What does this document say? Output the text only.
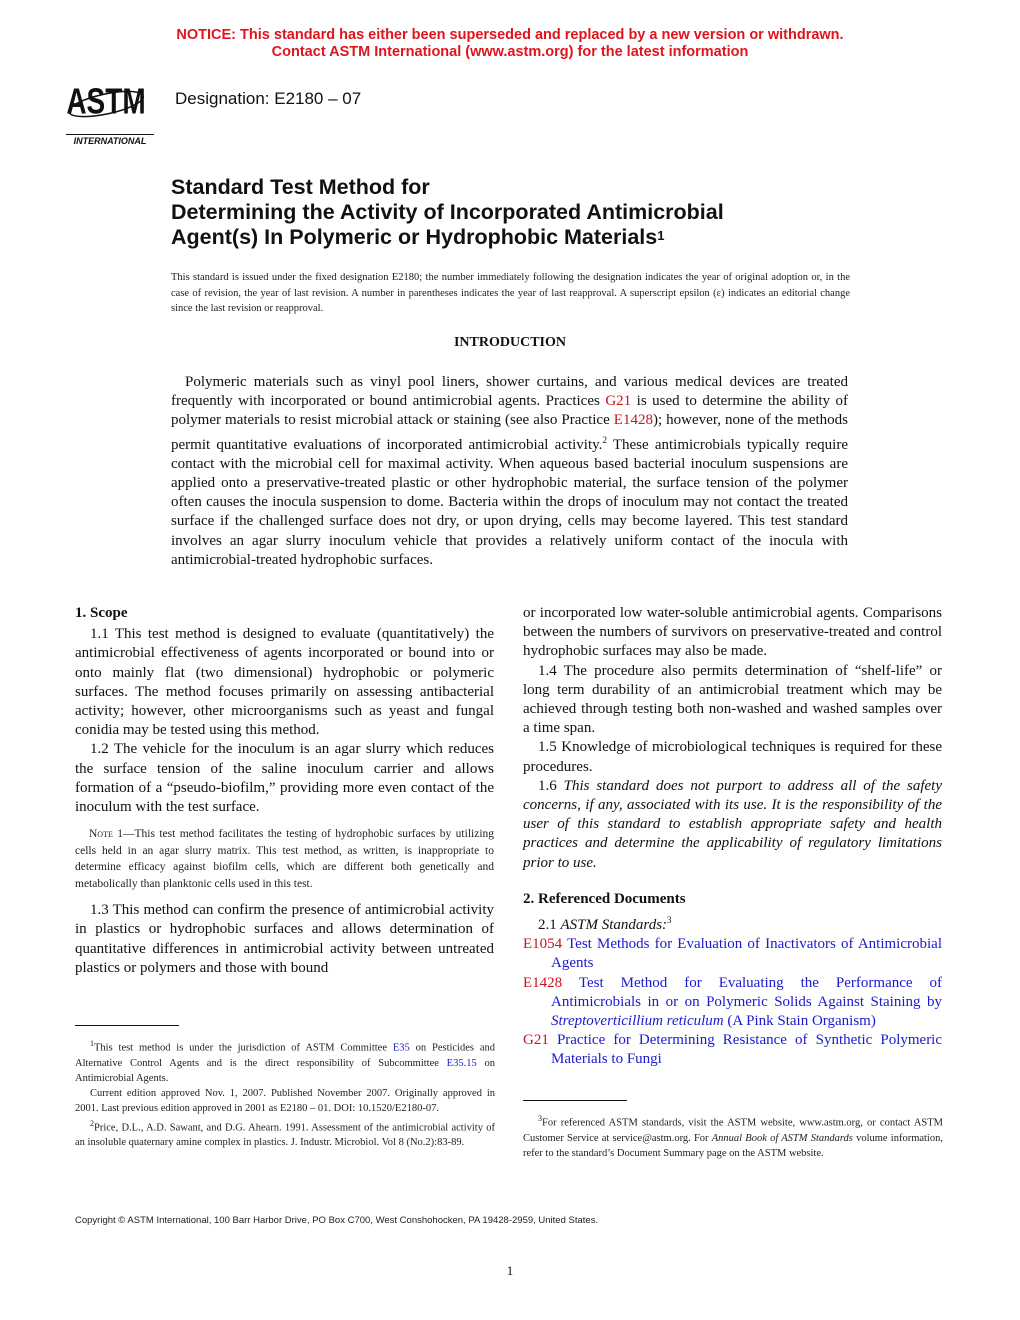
NOTICE: This standard has either been superseded and replaced by a new version or withdrawn.
Contact ASTM International (www.astm.org) for the latest information
ASTM
INTERNATIONAL
Designation: E2180 – 07

Standard Test Method for

Determining the Activity of Incorporated Antimicrobial

Agent(s) In Polymeric or Hydrophobic Materials$^1$

This standard is issued under the fixed designation E2180; the number immediately following the designation indicates the year of original adoption or, in the case of revision, the year of last revision. A number in parentheses indicates the year of last reapproval. A superscript epsilon (ε) indicates an editorial change since the last revision or reapproval.
INTRODUCTION
Polymeric materials such as vinyl pool liners, shower curtains, and various medical devices are treated frequently with incorporated or bound antimicrobial agents. Practices G21 is used to determine the ability of polymer materials to resist microbial attack or staining (see also Practice E1428); however, none of the methods permit quantitative evaluations of incorporated antimicrobial activity.$^2$ These antimicrobials typically require contact with the microbial cell for maximal activity. When aqueous based bacterial inoculum suspensions are applied onto a preservative-treated plastic or other hydrophobic material, the surface tension of the polymer often causes the inocula suspension to dome. Bacteria within the drops of inoculum may not contact the treated surface if the challenged surface does not dry, or upon drying, cells may become layered. This test standard involves an agar slurry inoculum vehicle that provides a relatively uniform contact of the inocula with antimicrobial-treated hydrophobic surfaces.

1. Scope

1.1 This test method is designed to evaluate (quantitatively) the antimicrobial effectiveness of agents incorporated or bound into or onto mainly flat (two dimensional) hydrophobic or polymeric surfaces. The method focuses primarily on assessing antibacterial activity; however, other microorganisms such as yeast and fungal conidia may be tested using this method.

1.2 The vehicle for the inoculum is an agar slurry which reduces the surface tension of the saline inoculum carrier and allows formation of a “pseudo-biofilm,” providing more even contact of the inoculum with the test surface.

Note 1—This test method facilitates the testing of hydrophobic surfaces by utilizing cells held in an agar slurry matrix. This test method, as written, is inappropriate to determine efficacy against biofilm cells, which are different both genetically and metabolically than planktonic cells used in this test.

1.3 This method can confirm the presence of antimicrobial activity in plastics or hydrophobic surfaces and allows determination of quantitative differences in antimicrobial activity between untreated plastics or polymers and those with bound

or incorporated low water-soluble antimicrobial agents. Comparisons between the numbers of survivors on preservative-treated and control hydrophobic surfaces may also be made.

1.4 The procedure also permits determination of “shelf-life” or long term durability of an antimicrobial treatment which may be achieved through testing both non-washed and washed samples over a time span.

1.5 Knowledge of microbiological techniques is required for these procedures.

1.6 This standard does not purport to address all of the safety concerns, if any, associated with its use. It is the responsibility of the user of this standard to establish appropriate safety and health practices and determine the applicability of regulatory limitations prior to use.

2. Referenced Documents

2.1 ASTM Standards:$^3$

E1054 Test Methods for Evaluation of Inactivators of Antimicrobial Agents

E1428 Test Method for Evaluating the Performance of Antimicrobials in or on Polymeric Solids Against Staining by Streptoverticillium reticulum (A Pink Stain Organism)

G21 Practice for Determining Resistance of Synthetic Polymeric Materials to Fungi

$^1$This test method is under the jurisdiction of ASTM Committee E35 on Pesticides and Alternative Control Agents and is the direct responsibility of Subcommittee E35.15 on Antimicrobial Agents.

Current edition approved Nov. 1, 2007. Published November 2007. Originally approved in 2001. Last previous edition approved in 2001 as E2180 – 01. DOI: 10.1520/E2180-07.

$^2$Price, D.L., A.D. Sawant, and D.G. Ahearn. 1991. Assessment of the antimicrobial activity of an insoluble quaternary amine complex in plastics. J. Industr. Microbiol. Vol 8 (No.2):83-89.

$^3$For referenced ASTM standards, visit the ASTM website, www.astm.org, or contact ASTM Customer Service at service@astm.org. For Annual Book of ASTM Standards volume information, refer to the standard’s Document Summary page on the ASTM website.

Copyright © ASTM International, 100 Barr Harbor Drive, PO Box C700, West Conshohocken, PA 19428-2959, United States.
1
